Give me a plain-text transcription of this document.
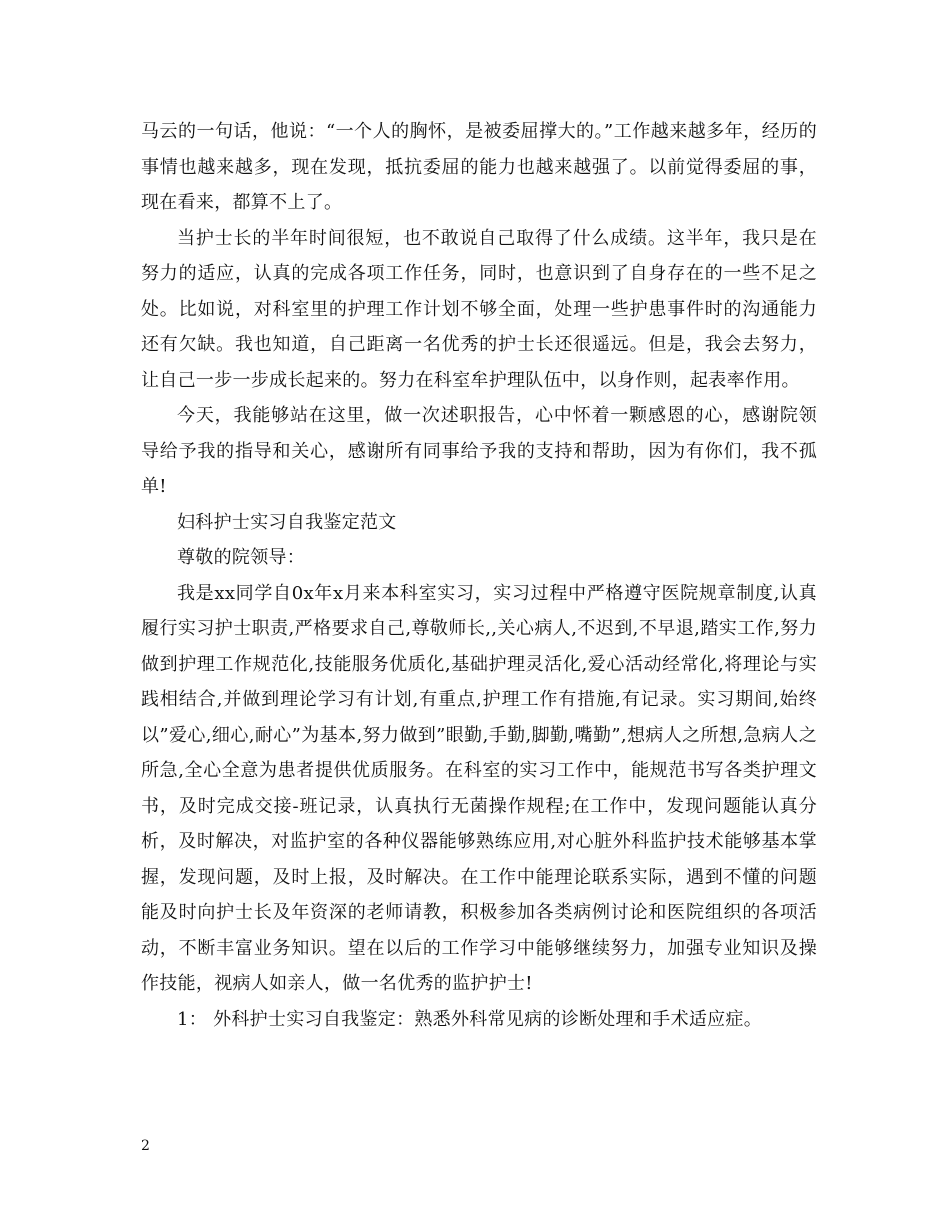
马云的一句话，他说：“一个人的胸怀，是被委屈撑大的。”工作越来越多年，经历的事情也越来越多，现在发现，抵抗委屈的能力也越来越强了。以前觉得委屈的事，现在看来，都算不上了。

当护士长的半年时间很短，也不敢说自己取得了什么成绩。这半年，我只是在努力的适应，认真的完成各项工作任务，同时，也意识到了自身存在的一些不足之处。比如说，对科室里的护理工作计划不够全面，处理一些护患事件时的沟通能力还有欠缺。我也知道，自己距离一名优秀的护士长还很遥远。但是，我会去努力，让自己一步一步成长起来的。努力在科室牟护理队伍中，以身作则，起表率作用。

今天，我能够站在这里，做一次述职报告，心中怀着一颗感恩的心，感谢院领导给予我的指导和关心，感谢所有同事给予我的支持和帮助，因为有你们，我不孤单!

妇科护士实习自我鉴定范文

尊敬的院领导：

我是xx同学自0x年x月来本科室实习，实习过程中严格遵守医院规章制度,认真履行实习护士职责,严格要求自己,尊敬师长,,关心病人,不迟到,不早退,踏实工作,努力做到护理工作规范化,技能服务优质化,基础护理灵活化,爱心活动经常化,将理论与实践相结合,并做到理论学习有计划,有重点,护理工作有措施,有记录。实习期间,始终以”爱心,细心,耐心”为基本,努力做到”眼勤,手勤,脚勤,嘴勤”,想病人之所想,急病人之所急,全心全意为患者提供优质服务。在科室的实习工作中，能规范书写各类护理文书，及时完成交接-班记录，认真执行无菌操作规程;在工作中，发现问题能认真分析，及时解决，对监护室的各种仪器能够熟练应用,对心脏外科监护技术能够基本掌握，发现问题，及时上报，及时解决。在工作中能理论联系实际，遇到不懂的问题能及时向护士长及年资深的老师请教，积极参加各类病例讨论和医院组织的各项活动，不断丰富业务知识。望在以后的工作学习中能够继续努力，加强专业知识及操作技能，视病人如亲人，做一名优秀的监护护士!

1： 外科护士实习自我鉴定：熟悉外科常见病的诊断处理和手术适应症。

2
